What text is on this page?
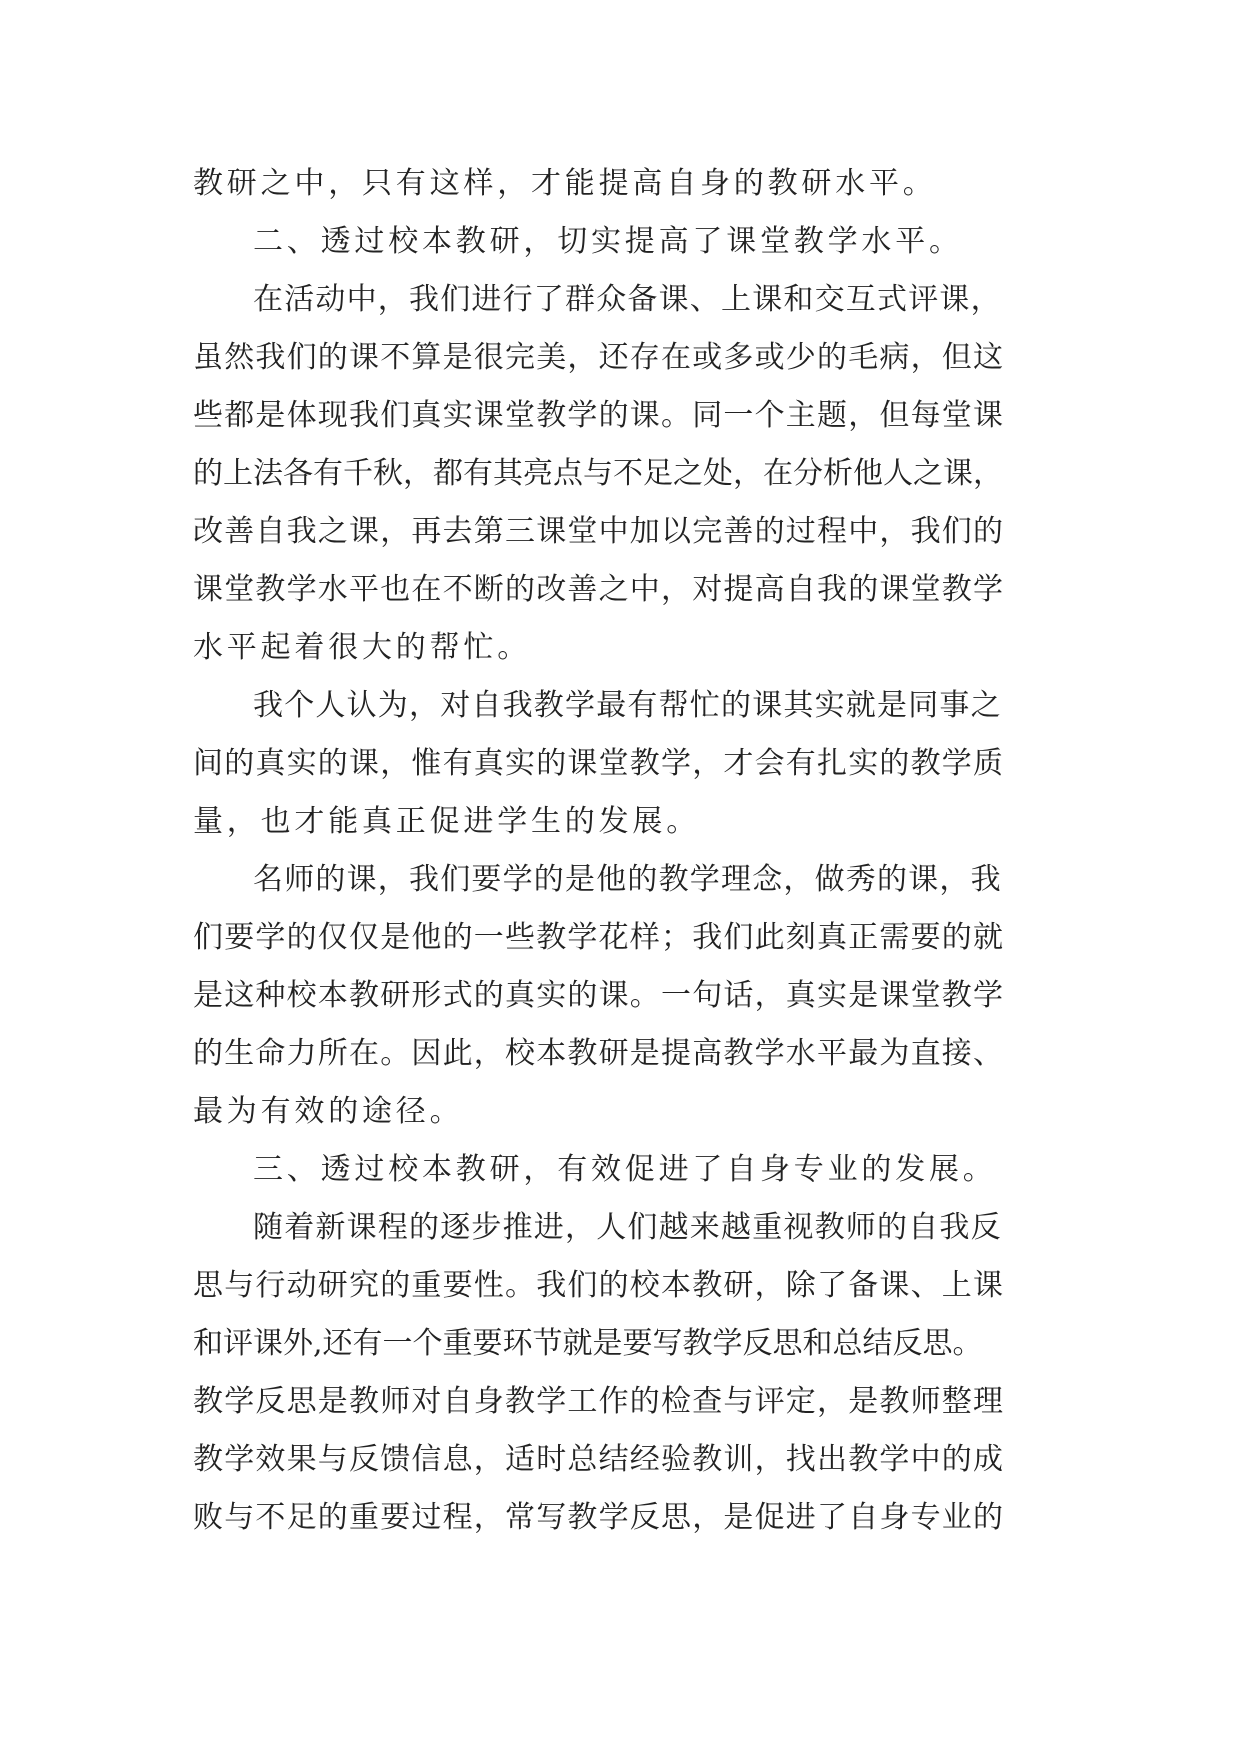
教研之中，只有这样，才能提高自身的教研水平。
二、透过校本教研，切实提高了课堂教学水平。
在活动中，我们进行了群众备课、上课和交互式评课，
虽然我们的课不算是很完美，还存在或多或少的毛病，但这
些都是体现我们真实课堂教学的课。同一个主题，但每堂课
的上法各有千秋，都有其亮点与不足之处，在分析他人之课，
改善自我之课，再去第三课堂中加以完善的过程中，我们的
课堂教学水平也在不断的改善之中，对提高自我的课堂教学
水平起着很大的帮忙。
我个人认为，对自我教学最有帮忙的课其实就是同事之
间的真实的课，惟有真实的课堂教学，才会有扎实的教学质
量，也才能真正促进学生的发展。
名师的课，我们要学的是他的教学理念，做秀的课，我
们要学的仅仅是他的一些教学花样；我们此刻真正需要的就
是这种校本教研形式的真实的课。一句话，真实是课堂教学
的生命力所在。因此，校本教研是提高教学水平最为直接、
最为有效的途径。
三、透过校本教研，有效促进了自身专业的发展。
随着新课程的逐步推进，人们越来越重视教师的自我反
思与行动研究的重要性。我们的校本教研，除了备课、上课
和评课外,还有一个重要环节就是要写教学反思和总结反思。
教学反思是教师对自身教学工作的检查与评定，是教师整理
教学效果与反馈信息，适时总结经验教训，找出教学中的成
败与不足的重要过程，常写教学反思，是促进了自身专业的
